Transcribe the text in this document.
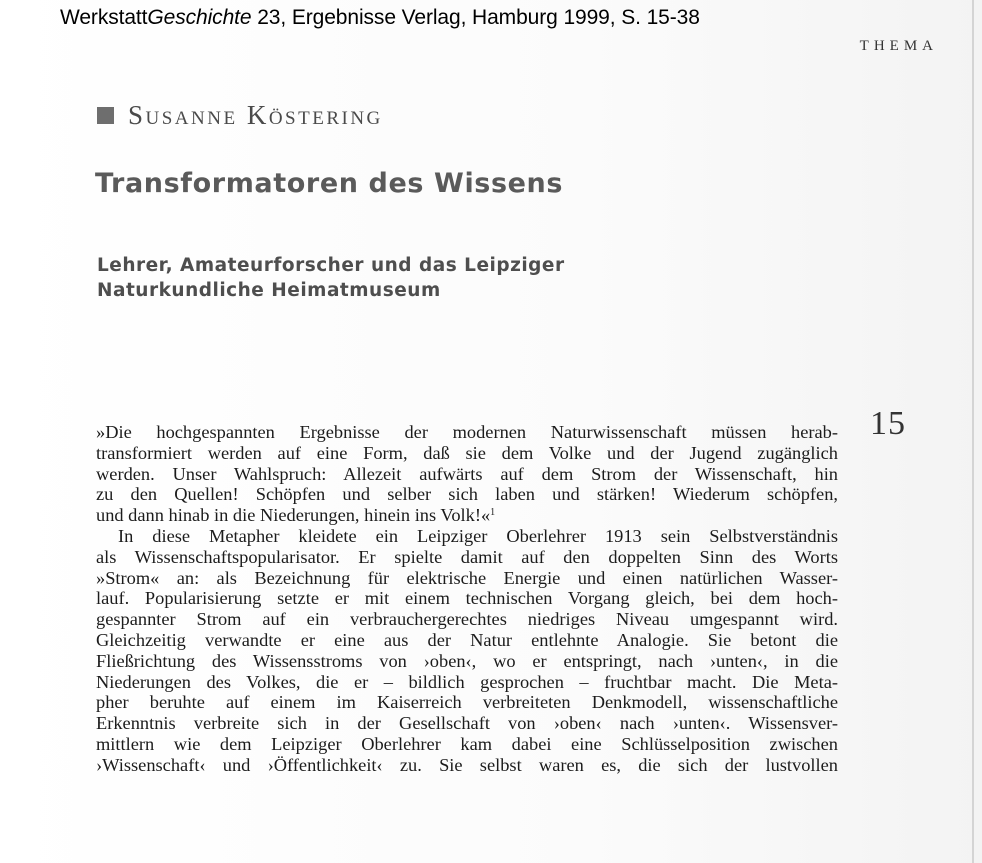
WerkstattGeschichte 23, Ergebnisse Verlag, Hamburg 1999, S. 15-38
THEMA
Susanne Köstering
Transformatoren des Wissens
Lehrer, Amateurforscher und das Leipziger
Naturkundliche Heimatmuseum
15
»Die hochgespannten Ergebnisse der modernen Naturwissenschaft müssen herab-
transformiert werden auf eine Form, daß sie dem Volke und der Jugend zugänglich
werden. Unser Wahlspruch: Allezeit aufwärts auf dem Strom der Wissenschaft, hin
zu den Quellen! Schöpfen und selber sich laben und stärken! Wiederum schöpfen,
und dann hinab in die Niederungen, hinein ins Volk!«$^1$
In diese Metapher kleidete ein Leipziger Oberlehrer 1913 sein Selbstverständnis
als Wissenschaftspopularisator. Er spielte damit auf den doppelten Sinn des Worts
»Strom« an: als Bezeichnung für elektrische Energie und einen natürlichen Wasser-
lauf. Popularisierung setzte er mit einem technischen Vorgang gleich, bei dem hoch-
gespannter Strom auf ein verbrauchergerechtes niedriges Niveau umgespannt wird.
Gleichzeitig verwandte er eine aus der Natur entlehnte Analogie. Sie betont die
Fließrichtung des Wissensstroms von ›oben‹, wo er entspringt, nach ›unten‹, in die
Niederungen des Volkes, die er – bildlich gesprochen – fruchtbar macht. Die Meta-
pher beruhte auf einem im Kaiserreich verbreiteten Denkmodell, wissenschaftliche
Erkenntnis verbreite sich in der Gesellschaft von ›oben‹ nach ›unten‹. Wissensver-
mittlern wie dem Leipziger Oberlehrer kam dabei eine Schlüsselposition zwischen
›Wissenschaft‹ und ›Öffentlichkeit‹ zu. Sie selbst waren es, die sich der lustvollen
